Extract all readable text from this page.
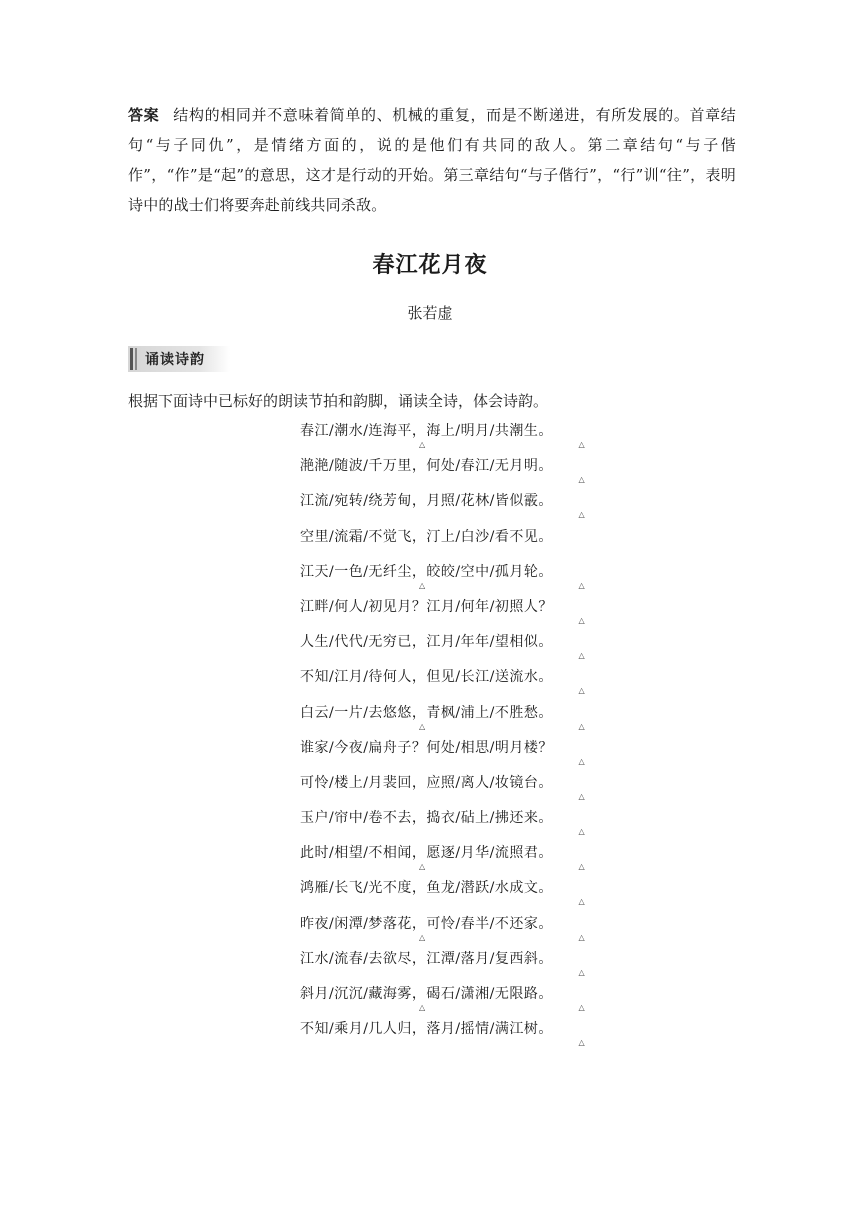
答案 结构的相同并不意味着简单的、机械的重复，而是不断递进，有所发展的。首章结句“与子同仇”，是情绪方面的，说的是他们有共同的敌人。第二章结句“与子偕作”，“作”是“起”的意思，这才是行动的开始。第三章结句“与子偕行”，“行”训“往”，表明诗中的战士们将要奔赴前线共同杀敌。

春江花月夜
张若虚
诵读诗韵
根据下面诗中已标好的朗读节拍和韵脚，诵读全诗，体会诗韵。
春江/潮水/连海平，海上/明月/共潮生。
△	△
滟滟/随波/千万里，何处/春江/无月明。
△
江流/宛转/绕芳甸，月照/花林/皆似霰。
△
空里/流霜/不觉飞，汀上/白沙/看不见。
江天/一色/无纤尘，皎皎/空中/孤月轮。
△	△
江畔/何人/初见月？江月/何年/初照人？
△
人生/代代/无穷已，江月/年年/望相似。
△
不知/江月/待何人，但见/长江/送流水。
△
白云/一片/去悠悠，青枫/浦上/不胜愁。
△	△
谁家/今夜/扁舟子？何处/相思/明月楼？
△
可怜/楼上/月裴回，应照/离人/妆镜台。
△
玉户/帘中/卷不去，捣衣/砧上/拂还来。
△
此时/相望/不相闻，愿逐/月华/流照君。
△	△
鸿雁/长飞/光不度，鱼龙/潜跃/水成文。
△
昨夜/闲潭/梦落花，可怜/春半/不还家。
△	△
江水/流春/去欲尽，江潭/落月/复西斜。
△
斜月/沉沉/藏海雾，碣石/潇湘/无限路。
△	△
不知/乘月/几人归，落月/摇情/满江树。
△
